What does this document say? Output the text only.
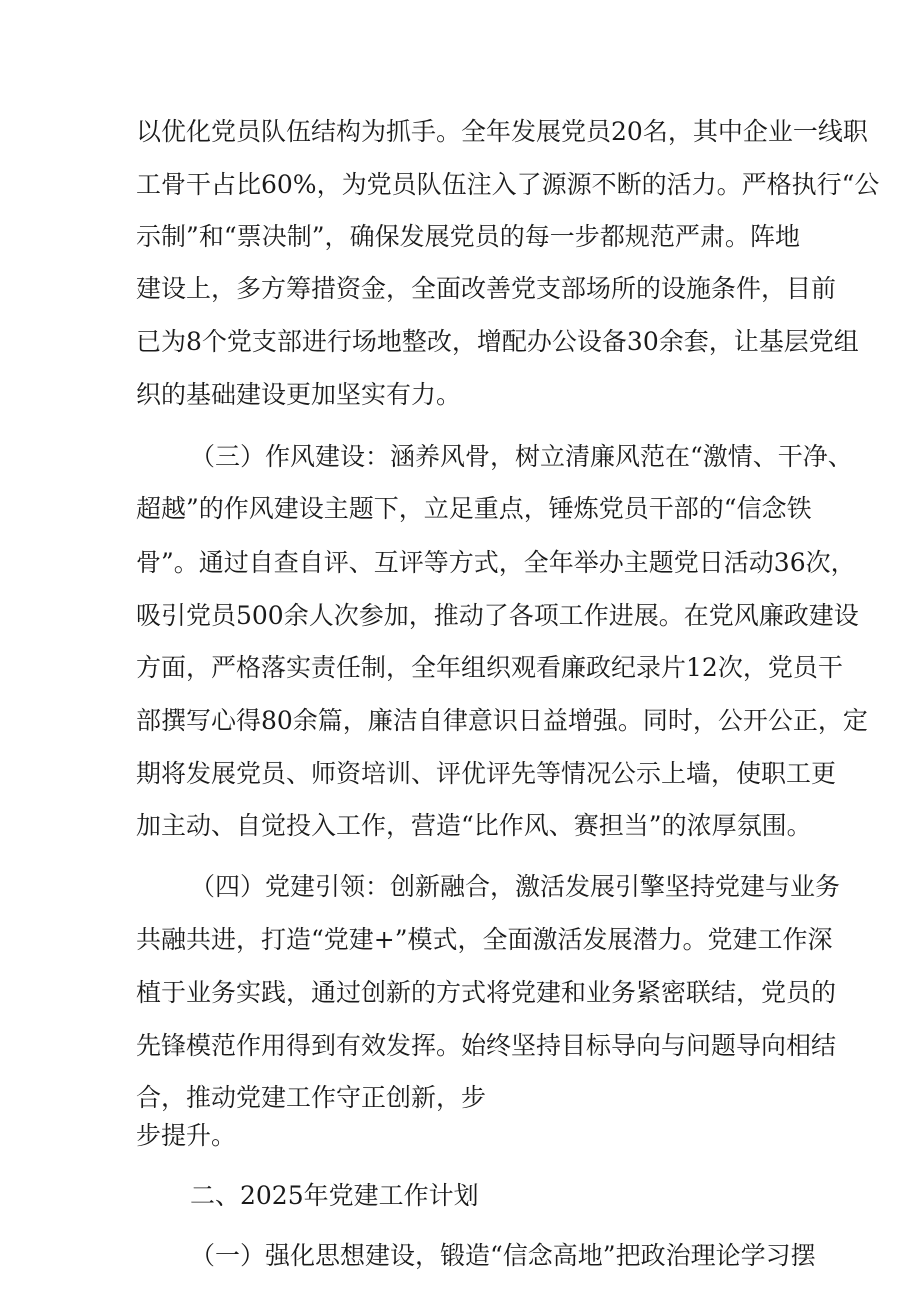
以优化党员队伍结构为抓手。全年发展党员20名，其中企业一线职
工骨干占比60%，为党员队伍注入了源源不断的活力。严格执行“公
示制”和“票决制”，确保发展党员的每一步都规范严肃。阵地
建设上，多方筹措资金，全面改善党支部场所的设施条件，目前
已为8个党支部进行场地整改，增配办公设备30余套，让基层党组
织的基础建设更加坚实有力。
（三）作风建设：涵养风骨，树立清廉风范在“激情、干净、
超越”的作风建设主题下，立足重点，锤炼党员干部的“信念铁
骨”。通过自查自评、互评等方式，全年举办主题党日活动36次，
吸引党员500余人次参加，推动了各项工作进展。在党风廉政建设
方面，严格落实责任制，全年组织观看廉政纪录片12次，党员干
部撰写心得80余篇，廉洁自律意识日益增强。同时，公开公正，定
期将发展党员、师资培训、评优评先等情况公示上墙，使职工更
加主动、自觉投入工作，营造“比作风、赛担当”的浓厚氛围。
（四）党建引领：创新融合，激活发展引擎坚持党建与业务
共融共进，打造“党建+”模式，全面激活发展潜力。党建工作深
植于业务实践，通过创新的方式将党建和业务紧密联结，党员的
先锋模范作用得到有效发挥。始终坚持目标导向与问题导向相结
合，推动党建工作守正创新，步
步提升。
二、2025年党建工作计划
（一）强化思想建设，锻造“信念高地”把政治理论学习摆
